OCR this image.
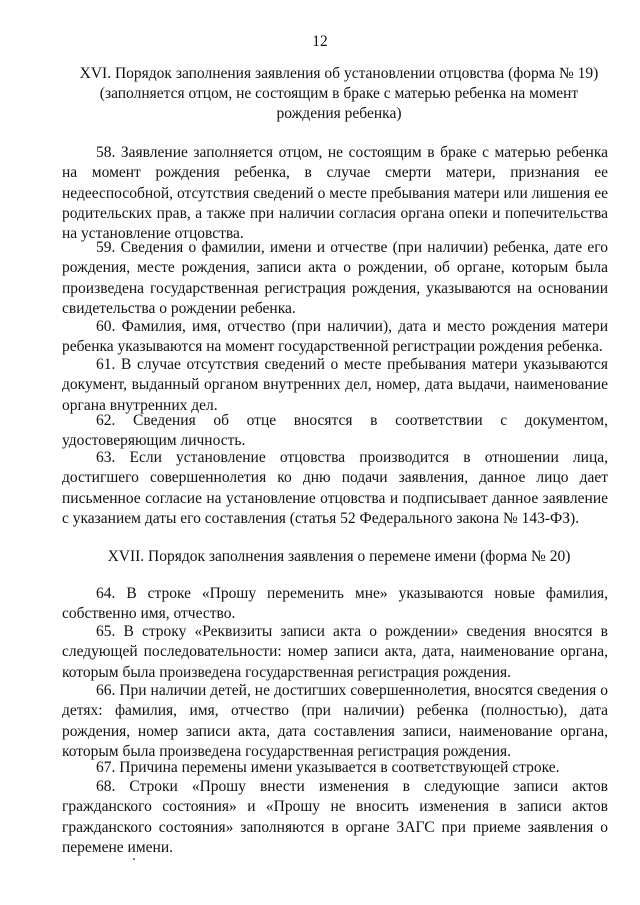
12
XVI. Порядок заполнения заявления об установлении отцовства (форма № 19) (заполняется отцом, не состоящим в браке с матерью ребенка на момент рождения ребенка)
58. Заявление заполняется отцом, не состоящим в браке с матерью ребенка на момент рождения ребенка, в случае смерти матери, признания ее недееспособной, отсутствия сведений о месте пребывания матери или лишения ее родительских прав, а также при наличии согласия органа опеки и попечительства на установление отцовства.
59. Сведения о фамилии, имени и отчестве (при наличии) ребенка, дате его рождения, месте рождения, записи акта о рождении, об органе, которым была произведена государственная регистрация рождения, указываются на основании свидетельства о рождении ребенка.
60. Фамилия, имя, отчество (при наличии), дата и место рождения матери ребенка указываются на момент государственной регистрации рождения ребенка.
61. В случае отсутствия сведений о месте пребывания матери указываются документ, выданный органом внутренних дел, номер, дата выдачи, наименование органа внутренних дел.
62. Сведения об отце вносятся в соответствии с документом, удостоверяющим личность.
63. Если установление отцовства производится в отношении лица, достигшего совершеннолетия ко дню подачи заявления, данное лицо дает письменное согласие на установление отцовства и подписывает данное заявление с указанием даты его составления (статья 52 Федерального закона № 143-ФЗ).
XVII. Порядок заполнения заявления о перемене имени (форма № 20)
64. В строке «Прошу переменить мне» указываются новые фамилия, собственно имя, отчество.
65. В строку «Реквизиты записи акта о рождении» сведения вносятся в следующей последовательности: номер записи акта, дата, наименование органа, которым была произведена государственная регистрация рождения.
66. При наличии детей, не достигших совершеннолетия, вносятся сведения о детях: фамилия, имя, отчество (при наличии) ребенка (полностью), дата рождения, номер записи акта, дата составления записи, наименование органа, которым была произведена государственная регистрация рождения.
67. Причина перемены имени указывается в соответствующей строке.
68. Строки «Прошу внести изменения в следующие записи актов гражданского состояния» и «Прошу не вносить изменения в записи актов гражданского состояния» заполняются в органе ЗАГС при приеме заявления о перемене имени.
